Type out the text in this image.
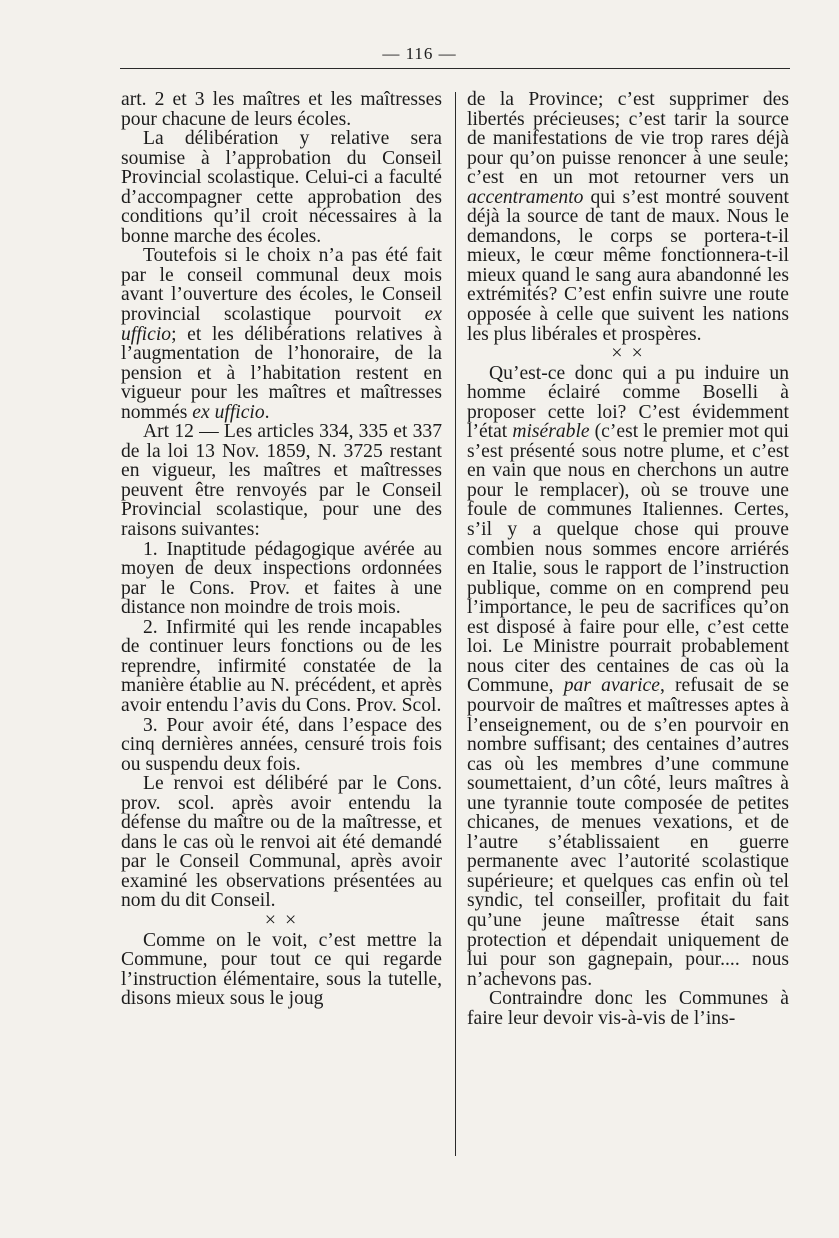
— 116 —

art. 2 et 3 les maîtres et les maîtresses pour chacune de leurs écoles.

La délibération y relative sera soumise à l’approbation du Conseil Provincial scolastique. Celui-ci a faculté d’accompagner cette approbation des conditions qu’il croit nécessaires à la bonne marche des écoles.

Toutefois si le choix n’a pas été fait par le conseil communal deux mois avant l’ouverture des écoles, le Conseil provincial scolastique pourvoit ex ufficio; et les délibérations relatives à l’augmentation de l’honoraire, de la pension et à l’habitation restent en vigueur pour les maîtres et maîtresses nommés ex ufficio.

Art 12 — Les articles 334, 335 et 337 de la loi 13 Nov. 1859, N. 3725 restant en vigueur, les maîtres et maîtresses peuvent être renvoyés par le Conseil Provincial scolastique, pour une des raisons suivantes:

1. Inaptitude pédagogique avérée au moyen de deux inspections ordonnées par le Cons. Prov. et faites à une distance non moindre de trois mois.

2. Infirmité qui les rende incapables de continuer leurs fonctions ou de les reprendre, infirmité constatée de la manière établie au N. précédent, et après avoir entendu l’avis du Cons. Prov. Scol.

3. Pour avoir été, dans l’espace des cinq dernières années, censuré trois fois ou suspendu deux fois.

Le renvoi est délibéré par le Cons. prov. scol. après avoir entendu la défense du maître ou de la maîtresse, et dans le cas où le renvoi ait été demandé par le Conseil Communal, après avoir examiné les observations présentées au nom du dit Conseil.

× ×

Comme on le voit, c’est mettre la Commune, pour tout ce qui regarde l’instruction élémentaire, sous la tutelle, disons mieux sous le joug

de la Province; c’est supprimer des libertés précieuses; c’est tarir la source de manifestations de vie trop rares déjà pour qu’on puisse renoncer à une seule; c’est en un mot retourner vers un accentramento qui s’est montré souvent déjà la source de tant de maux. Nous le demandons, le corps se portera-t-il mieux, le cœur même fonctionnera-t-il mieux quand le sang aura abandonné les extrémités? C’est enfin suivre une route opposée à celle que suivent les nations les plus libérales et prospères.

× ×

Qu’est-ce donc qui a pu induire un homme éclairé comme Boselli à proposer cette loi? C’est évidemment l’état misérable (c’est le premier mot qui s’est présenté sous notre plume, et c’est en vain que nous en cherchons un autre pour le remplacer), où se trouve une foule de communes Italiennes. Certes, s’il y a quelque chose qui prouve combien nous sommes encore arriérés en Italie, sous le rapport de l’instruction publique, comme on en comprend peu l’importance, le peu de sacrifices qu’on est disposé à faire pour elle, c’est cette loi. Le Ministre pourrait probablement nous citer des centaines de cas où la Commune, par avarice, refusait de se pourvoir de maîtres et maîtresses aptes à l’enseignement, ou de s’en pourvoir en nombre suffisant; des centaines d’autres cas où les membres d’une commune soumettaient, d’un côté, leurs maîtres à une tyrannie toute composée de petites chicanes, de menues vexations, et de l’autre s’établissaient en guerre permanente avec l’autorité scolastique supérieure; et quelques cas enfin où tel syndic, tel conseiller, profitait du fait qu’une jeune maîtresse était sans protection et dépendait uniquement de lui pour son gagnepain, pour.... nous n’achevons pas.

Contraindre donc les Communes à faire leur devoir vis-à-vis de l’ins-
